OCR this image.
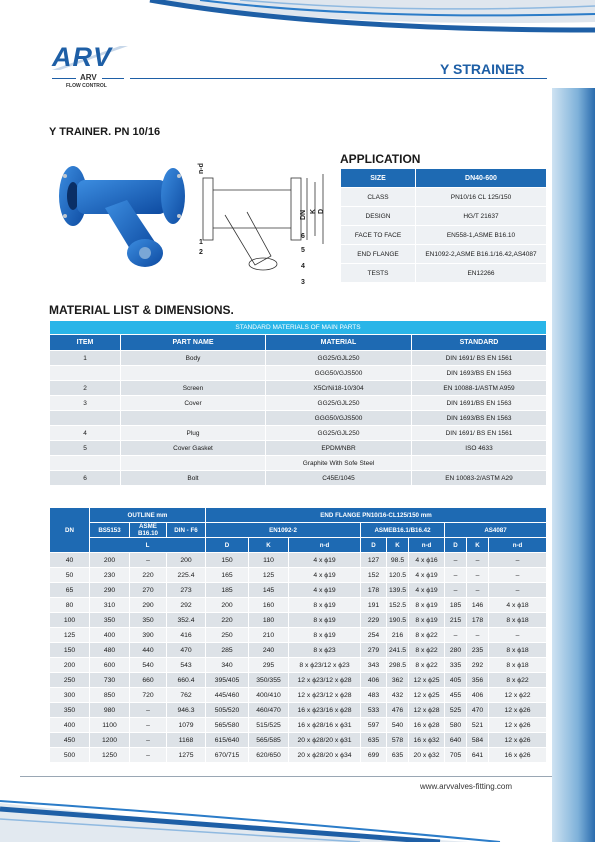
ARV
ARV
FLOW CONTROL
Y STRAINER
Y TRAINER. PN 10/16
n-d
DN K D
1
2
3
4
5
6
APPLICATION
SIZE	DN40-600
CLASS	PN10/16 CL 125/150
DESIGN	HG/T 21637
FACE TO FACE	EN558-1,ASME B16.10
END FLANGE	EN1092-2,ASME B16.1/16.42,AS4087
TESTS	EN12266
MATERIAL LIST & DIMENSIONS.
STANDARD MATERIALS OF MAIN PARTS			
ITEM	PART NAME	MATERIAL	STANDARD
1	Body	GG25/GJL250	DIN 1691/ BS EN 1561
		GGG50/GJS500	DIN 1693/BS EN 1563
2	Screen	X5CrNi18-10/304	EN 10088-1/ASTM A959
3	Cover	GG25/GJL250	DIN 1691/BS EN 1563
		GGG50/GJS500	DIN 1693/BS EN 1563
4	Plug	GG25/GJL250	DIN 1691/ BS EN 1561
5	Cover Gasket	EPDM/NBR	ISO 4633
		Graphite With Sofe Steel	
6	Bolt	C45E/1045	EN 10083-2/ASTM A29
DN	OUTLINE mm			END FLANGE PN10/16-CL125/150 mm								
	BS5153	ASME B16.10	DIN - F6	EN1092-2			ASMEB16.1/B16.42			AS4087		
	L			D	K	n-d	D	K	n-d	D	K	n-d
40	200	–	200	150	110	4 x ϕ19	127	98.5	4 x ϕ16	–	–	–
50	230	220	225.4	165	125	4 x ϕ19	152	120.5	4 x ϕ19	–	–	–
65	290	270	273	185	145	4 x ϕ19	178	139.5	4 x ϕ19	–	–	–
80	310	290	292	200	160	8 x ϕ19	191	152.5	8 x ϕ19	185	146	4 x ϕ18
100	350	350	352.4	220	180	8 x ϕ19	229	190.5	8 x ϕ19	215	178	8 x ϕ18
125	400	390	416	250	210	8 x ϕ19	254	216	8 x ϕ22	–	–	–
150	480	440	470	285	240	8 x ϕ23	279	241.5	8 x ϕ22	280	235	8 x ϕ18
200	600	540	543	340	295	8 x ϕ23/12 x ϕ23	343	298.5	8 x ϕ22	335	292	8 x ϕ18
250	730	660	660.4	395/405	350/355	12 x ϕ23/12 x ϕ28	406	362	12 x ϕ25	405	356	8 x ϕ22
300	850	720	762	445/460	400/410	12 x ϕ23/12 x ϕ28	483	432	12 x ϕ25	455	406	12 x ϕ22
350	980	–	946.3	505/520	460/470	16 x ϕ23/16 x ϕ28	533	476	12 x ϕ28	525	470	12 x ϕ26
400	1100	–	1079	565/580	515/525	16 x ϕ28/16 x ϕ31	597	540	16 x ϕ28	580	521	12 x ϕ26
450	1200	–	1168	615/640	565/585	20 x ϕ28/20 x ϕ31	635	578	16 x ϕ32	640	584	12 x ϕ26
500	1250	–	1275	670/715	620/650	20 x ϕ28/20 x ϕ34	699	635	20 x ϕ32	705	641	16 x ϕ26
www.arvvalves-fitting.com
